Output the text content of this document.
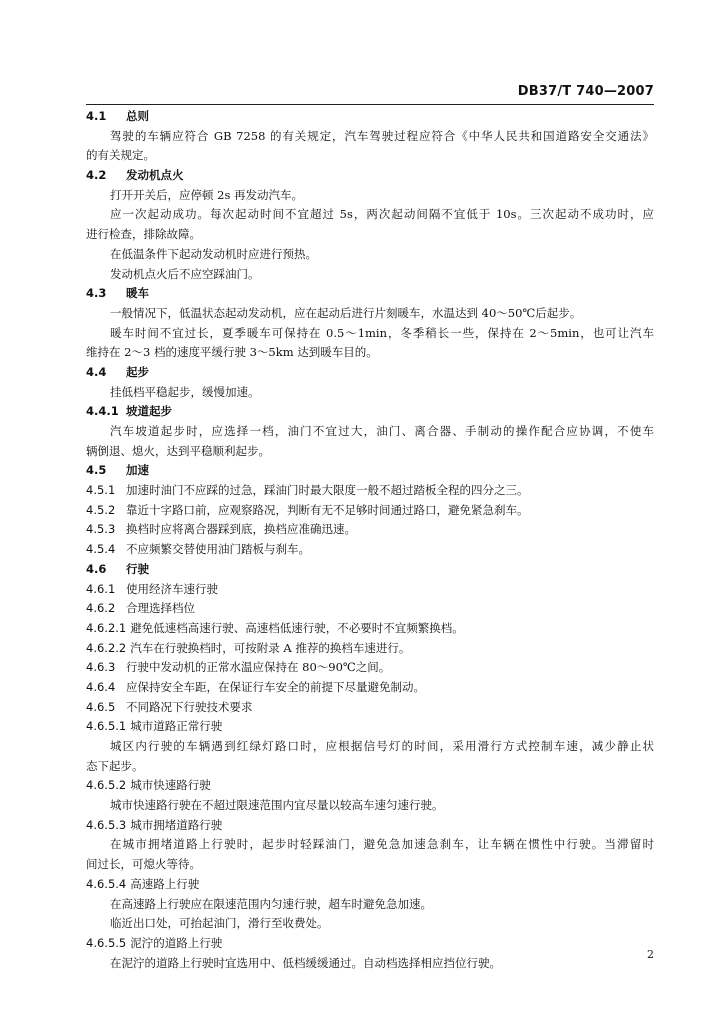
DB37/T 740—2007
4.1 总则
驾驶的车辆应符合 GB 7258 的有关规定，汽车驾驶过程应符合《中华人民共和国道路安全交通法》
的有关规定。
4.2 发动机点火
打开开关后，应停顿 2s 再发动汽车。
应一次起动成功。每次起动时间不宜超过 5s，两次起动间隔不宜低于 10s。三次起动不成功时，应
进行检查，排除故障。
在低温条件下起动发动机时应进行预热。
发动机点火后不应空踩油门。
4.3 暖车
一般情况下，低温状态起动发动机，应在起动后进行片刻暖车，水温达到 40～50℃后起步。
暖车时间不宜过长，夏季暖车可保持在 0.5～1min，冬季稍长一些，保持在 2～5min，也可让汽车
维持在 2～3 档的速度平缓行驶 3～5km 达到暖车目的。
4.4 起步
挂低档平稳起步，缓慢加速。
4.4.1 坡道起步
汽车坡道起步时，应选择一档，油门不宜过大，油门、离合器、手制动的操作配合应协调，不使车
辆倒退、熄火，达到平稳顺利起步。
4.5 加速
4.5.1 加速时油门不应踩的过急，踩油门时最大限度一般不超过踏板全程的四分之三。
4.5.2 靠近十字路口前，应观察路况，判断有无不足够时间通过路口，避免紧急刹车。
4.5.3 换档时应将离合器踩到底，换档应准确迅速。
4.5.4 不应频繁交替使用油门踏板与刹车。
4.6 行驶
4.6.1 使用经济车速行驶
4.6.2 合理选择档位
4.6.2.1 避免低速档高速行驶、高速档低速行驶，不必要时不宜频繁换档。
4.6.2.2 汽车在行驶换档时，可按附录 A 推荐的换档车速进行。
4.6.3 行驶中发动机的正常水温应保持在 80～90℃之间。
4.6.4 应保持安全车距，在保证行车安全的前提下尽量避免制动。
4.6.5 不同路况下行驶技术要求
4.6.5.1 城市道路正常行驶
城区内行驶的车辆遇到红绿灯路口时，应根据信号灯的时间，采用滑行方式控制车速，减少静止状
态下起步。
4.6.5.2 城市快速路行驶
城市快速路行驶在不超过限速范围内宜尽量以较高车速匀速行驶。
4.6.5.3 城市拥堵道路行驶
在城市拥堵道路上行驶时，起步时轻踩油门，避免急加速急刹车，让车辆在惯性中行驶。当滞留时
间过长，可熄火等待。
4.6.5.4 高速路上行驶
在高速路上行驶应在限速范围内匀速行驶，超车时避免急加速。
临近出口处，可抬起油门，滑行至收费处。
4.6.5.5 泥泞的道路上行驶
在泥泞的道路上行驶时宜选用中、低档缓缓通过。自动档选择相应挡位行驶。
2
